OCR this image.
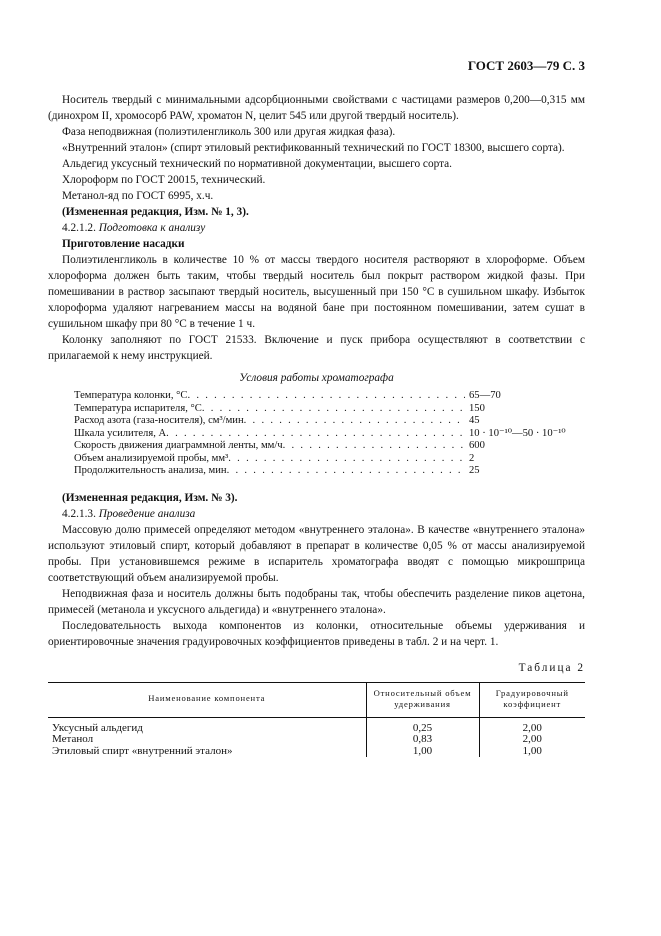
ГОСТ 2603—79 С. 3

Носитель твердый с минимальными адсорбционными свойствами с частицами размеров 0,200—0,315 мм (динохром II, хромосорб PAW, хроматон N, целит 545 или другой твердый носитель).

Фаза неподвижная (полиэтиленгликоль 300 или другая жидкая фаза).

«Внутренний эталон» (спирт этиловый ректификованный технический по ГОСТ 18300, высшего сорта).

Альдегид уксусный технический по нормативной документации, высшего сорта.

Хлороформ по ГОСТ 20015, технический.

Метанол-яд по ГОСТ 6995, х.ч.

(Измененная редакция, Изм. № 1, 3).

4.2.1.2. Подготовка к анализу

Приготовление насадки

Полиэтиленгликоль в количестве 10 % от массы твердого носителя растворяют в хлороформе. Объем хлороформа должен быть таким, чтобы твердый носитель был покрыт раствором жидкой фазы. При помешивании в раствор засыпают твердый носитель, высушенный при 150 °С в сушильном шкафу. Избыток хлороформа удаляют нагреванием массы на водяной бане при постоянном помешивании, затем сушат в сушильном шкафу при 80 °С в течение 1 ч.

Колонку заполняют по ГОСТ 21533. Включение и пуск прибора осуществляют в соответствии с прилагаемой к нему инструкцией.

Условия работы хроматографа
Температура колонки, °С . . .	65—70
Температура испарителя, °С . . .	150
Расход азота (газа-носителя), см³/мин . . .	45
Шкала усилителя, А . . .	10 · 10⁻¹⁰—50 · 10⁻¹⁰
Скорость движения диаграммной ленты, мм/ч . . .	600
Объем анализируемой пробы, мм³ . . .	2
Продолжительность анализа, мин . . .	25

(Измененная редакция, Изм. № 3).

4.2.1.3. Проведение анализа

Массовую долю примесей определяют методом «внутреннего эталона». В качестве «внутреннего эталона» используют этиловый спирт, который добавляют в препарат в количестве 0,05 % от массы анализируемой пробы. При установившемся режиме в испаритель хроматографа вводят с помощью микрошприца соответствующий объем анализируемой пробы.

Неподвижная фаза и носитель должны быть подобраны так, чтобы обеспечить разделение пиков ацетона, примесей (метанола и уксусного альдегида) и «внутреннего эталона».

Последовательность выхода компонентов из колонки, относительные объемы удерживания и ориентировочные значения градуировочных коэффициентов приведены в табл. 2 и на черт. 1.

Таблица 2
Наименование компонента	Относительный объем удерживания	Градуировочный коэффициент
Уксусный альдегид	0,25	2,00
Метанол	0,83	2,00
Этиловый спирт «внутренний эталон»	1,00	1,00
